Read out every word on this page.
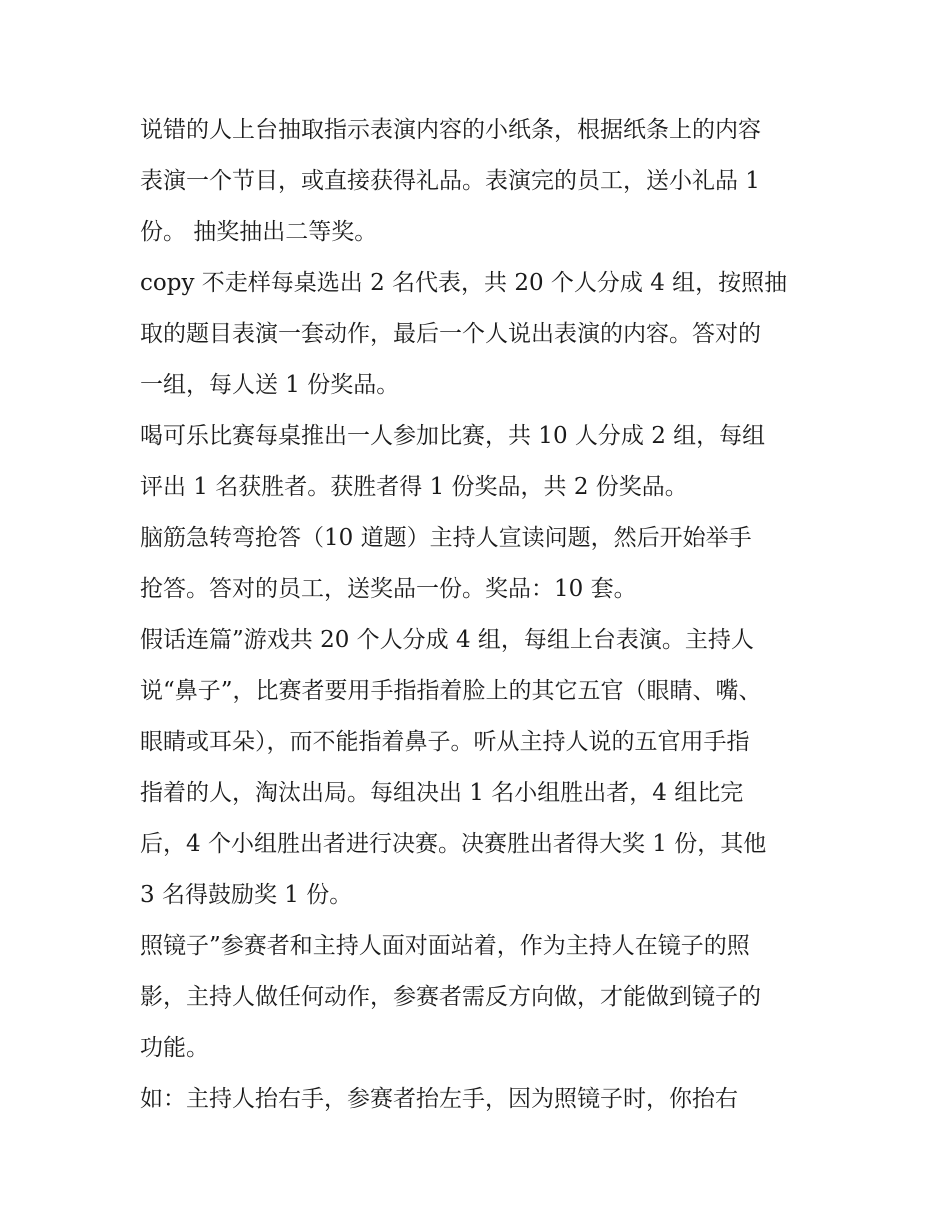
说错的人上台抽取指示表演内容的小纸条，根据纸条上的内容
表演一个节目，或直接获得礼品。表演完的员工，送小礼品 1
份。 抽奖抽出二等奖。
copy 不走样每桌选出 2 名代表，共 20 个人分成 4 组，按照抽
取的题目表演一套动作，最后一个人说出表演的内容。答对的
一组，每人送 1 份奖品。
喝可乐比赛每桌推出一人参加比赛，共 10 人分成 2 组，每组
评出 1 名获胜者。获胜者得 1 份奖品，共 2 份奖品。
脑筋急转弯抢答（10 道题）主持人宣读问题，然后开始举手
抢答。答对的员工，送奖品一份。奖品：10 套。
假话连篇”游戏共 20 个人分成 4 组，每组上台表演。主持人
说“鼻子”，比赛者要用手指指着脸上的其它五官（眼睛、嘴、
眼睛或耳朵），而不能指着鼻子。听从主持人说的五官用手指
指着的人，淘汰出局。每组决出 1 名小组胜出者，4 组比完
后，4 个小组胜出者进行决赛。决赛胜出者得大奖 1 份，其他
3 名得鼓励奖 1 份。
照镜子”参赛者和主持人面对面站着，作为主持人在镜子的照
影，主持人做任何动作，参赛者需反方向做，才能做到镜子的
功能。
如：主持人抬右手，参赛者抬左手，因为照镜子时，你抬右
